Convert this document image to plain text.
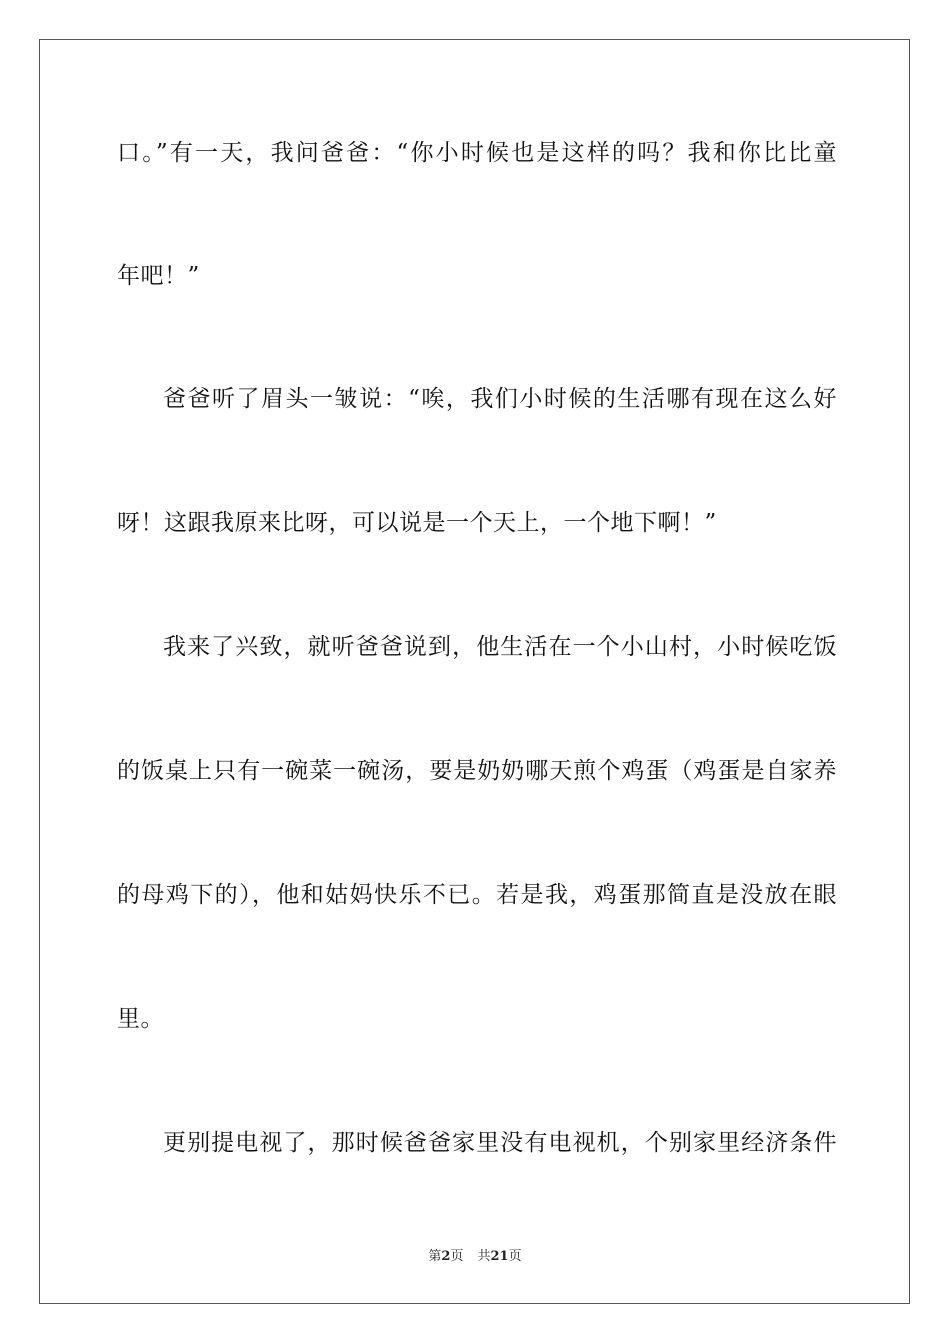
口。”有一天，我问爸爸：“你小时候也是这样的吗？我和你比比童
年吧！”
爸爸听了眉头一皱说：“唉，我们小时候的生活哪有现在这么好
呀！这跟我原来比呀，可以说是一个天上，一个地下啊！”
我来了兴致，就听爸爸说到，他生活在一个小山村，小时候吃饭
的饭桌上只有一碗菜一碗汤，要是奶奶哪天煎个鸡蛋（鸡蛋是自家养
的母鸡下的），他和姑妈快乐不已。若是我，鸡蛋那简直是没放在眼
里。
更别提电视了，那时候爸爸家里没有电视机，个别家里经济条件
第2页 共21页
